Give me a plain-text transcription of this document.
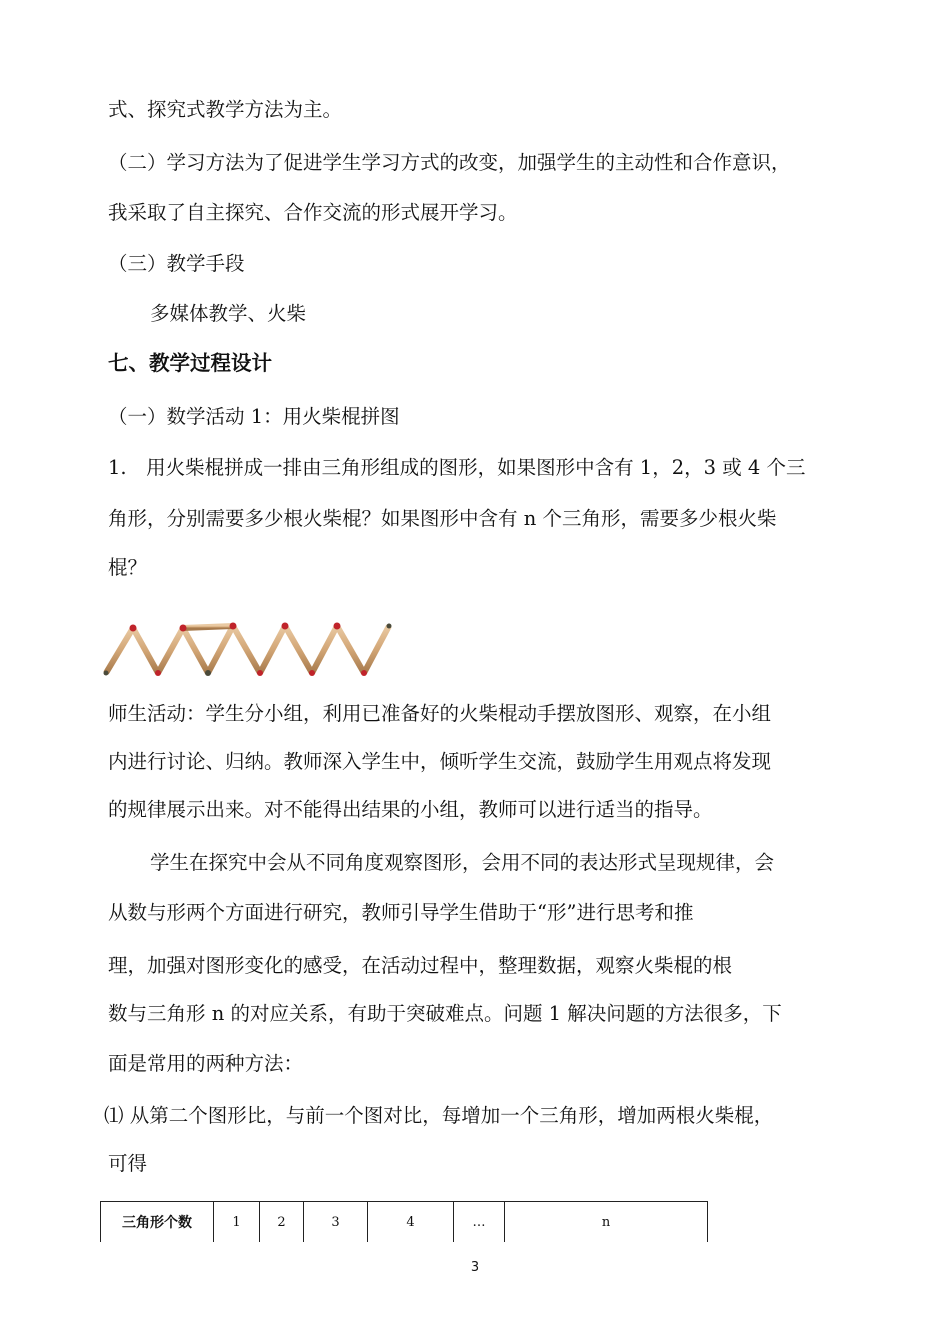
式、探究式教学方法为主。
（二）学习方法为了促进学生学习方式的改变，加强学生的主动性和合作意识，
我采取了自主探究、合作交流的形式展开学习。
（三）教学手段
多媒体教学、火柴
七、教学过程设计
（一）数学活动 1：用火柴棍拼图
1.　用火柴棍拼成一排由三角形组成的图形，如果图形中含有 1，2，3 或 4 个三
角形，分别需要多少根火柴棍？如果图形中含有 n 个三角形，需要多少根火柴
棍？
师生活动：学生分小组，利用已准备好的火柴棍动手摆放图形、观察，在小组
内进行讨论、归纳。教师深入学生中，倾听学生交流，鼓励学生用观点将发现
的规律展示出来。对不能得出结果的小组，教师可以进行适当的指导。
学生在探究中会从不同角度观察图形，会用不同的表达形式呈现规律，会
从数与形两个方面进行研究，教师引导学生借助于“形”进行思考和推
理，加强对图形变化的感受，在活动过程中，整理数据，观察火柴棍的根
数与三角形 n 的对应关系，有助于突破难点。问题 1 解决问题的方法很多，下
面是常用的两种方法：
⑴ 从第二个图形比，与前一个图对比，每增加一个三角形，增加两根火柴棍，
可得
三角形个数	1	2	3	4	…	n
3
